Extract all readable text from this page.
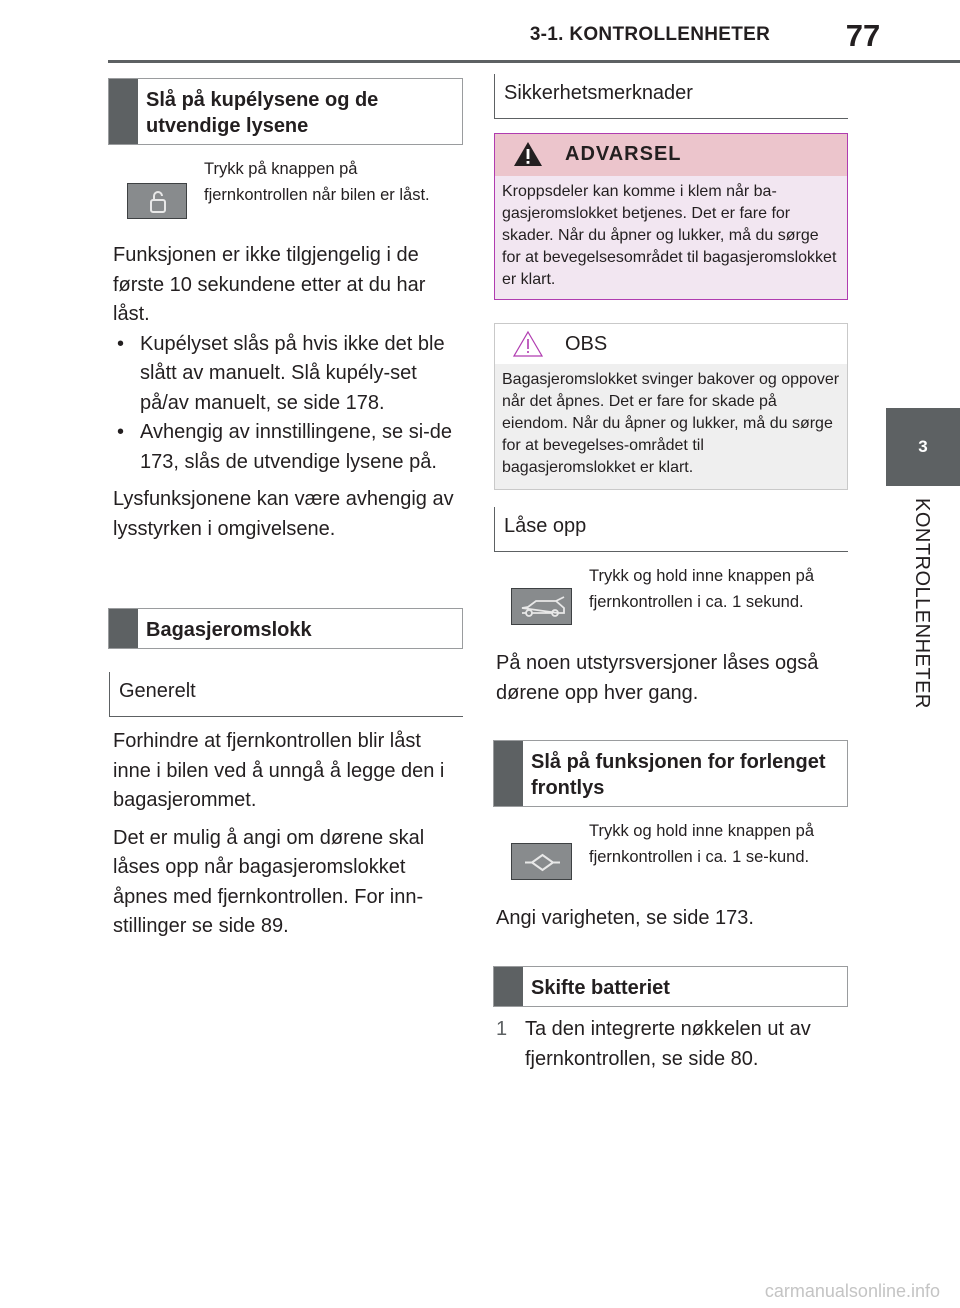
3-1. KONTROLLENHETER	77
3
KONTROLLENHETER
Slå på kupélysene og de utvendige lysene
Trykk på knappen på fjernkontrollen når bilen er låst.
Funksjonen er ikke tilgjengelig i de første 10 sekundene etter at du har låst.
• Kupélyset slås på hvis ikke det ble slått av manuelt. Slå kupély-set på/av manuelt, se side 178.
• Avhengig av innstillingene, se si-de 173, slås de utvendige lysene på.
Lysfunksjonene kan være avhengig av lysstyrken i omgivelsene.
Bagasjeromslokk
Generelt
Forhindre at fjernkontrollen blir låst inne i bilen ved å unngå å legge den i bagasjerommet.
Det er mulig å angi om dørene skal låses opp når bagasjeromslokket åpnes med fjernkontrollen. For inn-stillinger se side 89.
Sikkerhetsmerknader
ADVARSEL
Kroppsdeler kan komme i klem når ba-gasjeromslokket betjenes. Det er fare for skader. Når du åpner og lukker, må du sørge for at bevegelsesområdet til bagasjeromslokket er klart.
OBS
Bagasjeromslokket svinger bakover og oppover når det åpnes. Det er fare for skade på eiendom. Når du åpner og lukker, må du sørge for at bevegelses-området til bagasjeromslokket er klart.
Låse opp
Trykk og hold inne knappen på fjernkontrollen i ca. 1 sekund.
På noen utstyrsversjoner låses også dørene opp hver gang.
Slå på funksjonen for forlenget frontlys
Trykk og hold inne knappen på fjernkontrollen i ca. 1 se-kund.
Angi varigheten, se side 173.
Skifte batteriet
1 Ta den integrerte nøkkelen ut av fjernkontrollen, se side 80.
carmanualsonline.info
